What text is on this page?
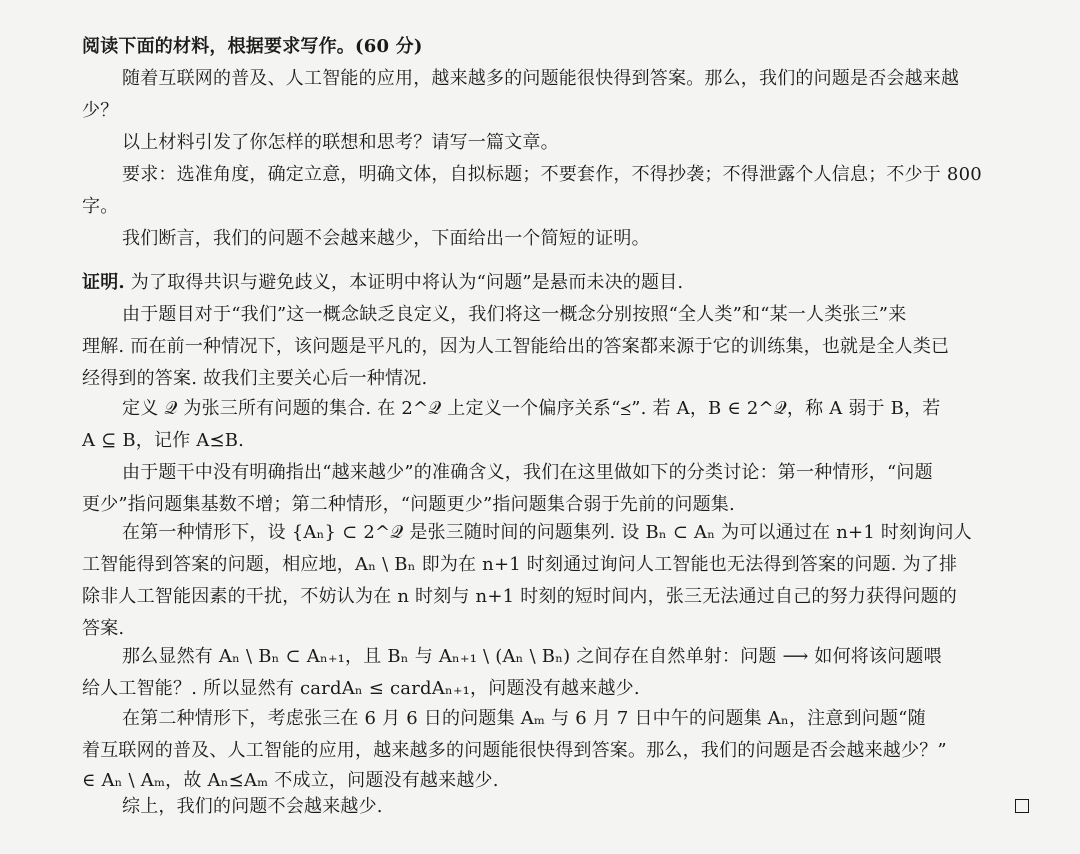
阅读下面的材料，根据要求写作。(60 分)
随着互联网的普及、人工智能的应用，越来越多的问题能很快得到答案。那么，我们的问题是否会越来越
少？
以上材料引发了你怎样的联想和思考？请写一篇文章。
要求：选准角度，确定立意，明确文体，自拟标题；不要套作，不得抄袭；不得泄露个人信息；不少于 800
字。
我们断言，我们的问题不会越来越少，下面给出一个简短的证明。
证明. 为了取得共识与避免歧义，本证明中将认为“问题”是悬而未决的题目.
由于题目对于“我们”这一概念缺乏良定义，我们将这一概念分别按照“全人类”和“某一人类张三”来
理解. 而在前一种情况下，该问题是平凡的，因为人工智能给出的答案都来源于它的训练集，也就是全人类已
经得到的答案. 故我们主要关心后一种情况.
定义 𝒬 为张三所有问题的集合. 在 2^𝒬 上定义一个偏序关系“⪯”. 若 A，B ∈ 2^𝒬，称 A 弱于 B，若
A ⊆ B，记作 A⪯B.
由于题干中没有明确指出“越来越少”的准确含义，我们在这里做如下的分类讨论：第一种情形，“问题
更少”指问题集基数不增；第二种情形，“问题更少”指问题集合弱于先前的问题集.
在第一种情形下，设 {Aₙ} ⊂ 2^𝒬 是张三随时间的问题集列. 设 Bₙ ⊂ Aₙ 为可以通过在 n+1 时刻询问人
工智能得到答案的问题，相应地，Aₙ \ Bₙ 即为在 n+1 时刻通过询问人工智能也无法得到答案的问题. 为了排
除非人工智能因素的干扰，不妨认为在 n 时刻与 n+1 时刻的短时间内，张三无法通过自己的努力获得问题的
答案.
那么显然有 Aₙ \ Bₙ ⊂ Aₙ₊₁，且 Bₙ 与 Aₙ₊₁ \ (Aₙ \ Bₙ) 之间存在自然单射：问题 ⟶ 如何将该问题喂
给人工智能？. 所以显然有 cardAₙ ≤ cardAₙ₊₁，问题没有越来越少.
在第二种情形下，考虑张三在 6 月 6 日的问题集 Aₘ 与 6 月 7 日中午的问题集 Aₙ，注意到问题“随
着互联网的普及、人工智能的应用，越来越多的问题能很快得到答案。那么，我们的问题是否会越来越少？”
∈ Aₙ \ Aₘ，故 Aₙ⪯Aₘ 不成立，问题没有越来越少.
综上，我们的问题不会越来越少.
